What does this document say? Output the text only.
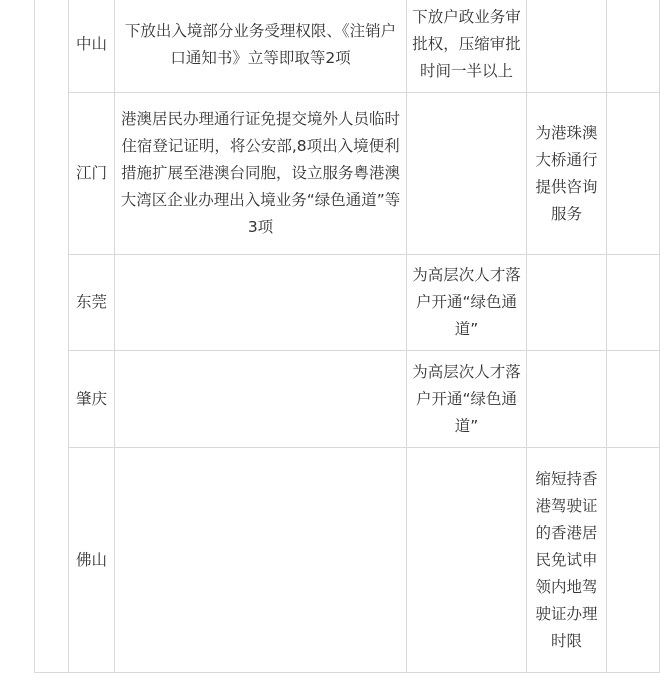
	中山	下放出入境部分业务受理权限、《注销户口通知书》立等即取等2项	下放户政业务审批权，压缩审批时间一半以上		
	江门	港澳居民办理通行证免提交境外人员临时住宿登记证明，将公安部,8项出入境便利措施扩展至港澳台同胞，设立服务粤港澳大湾区企业办理出入境业务“绿色通道”等3项		为港珠澳大桥通行提供咨询服务	
	东莞		为高层次人才落户开通“绿色通道”		
	肇庆		为高层次人才落户开通“绿色通道”		
	佛山			缩短持香港驾驶证的香港居民免试申领内地驾驶证办理时限	
